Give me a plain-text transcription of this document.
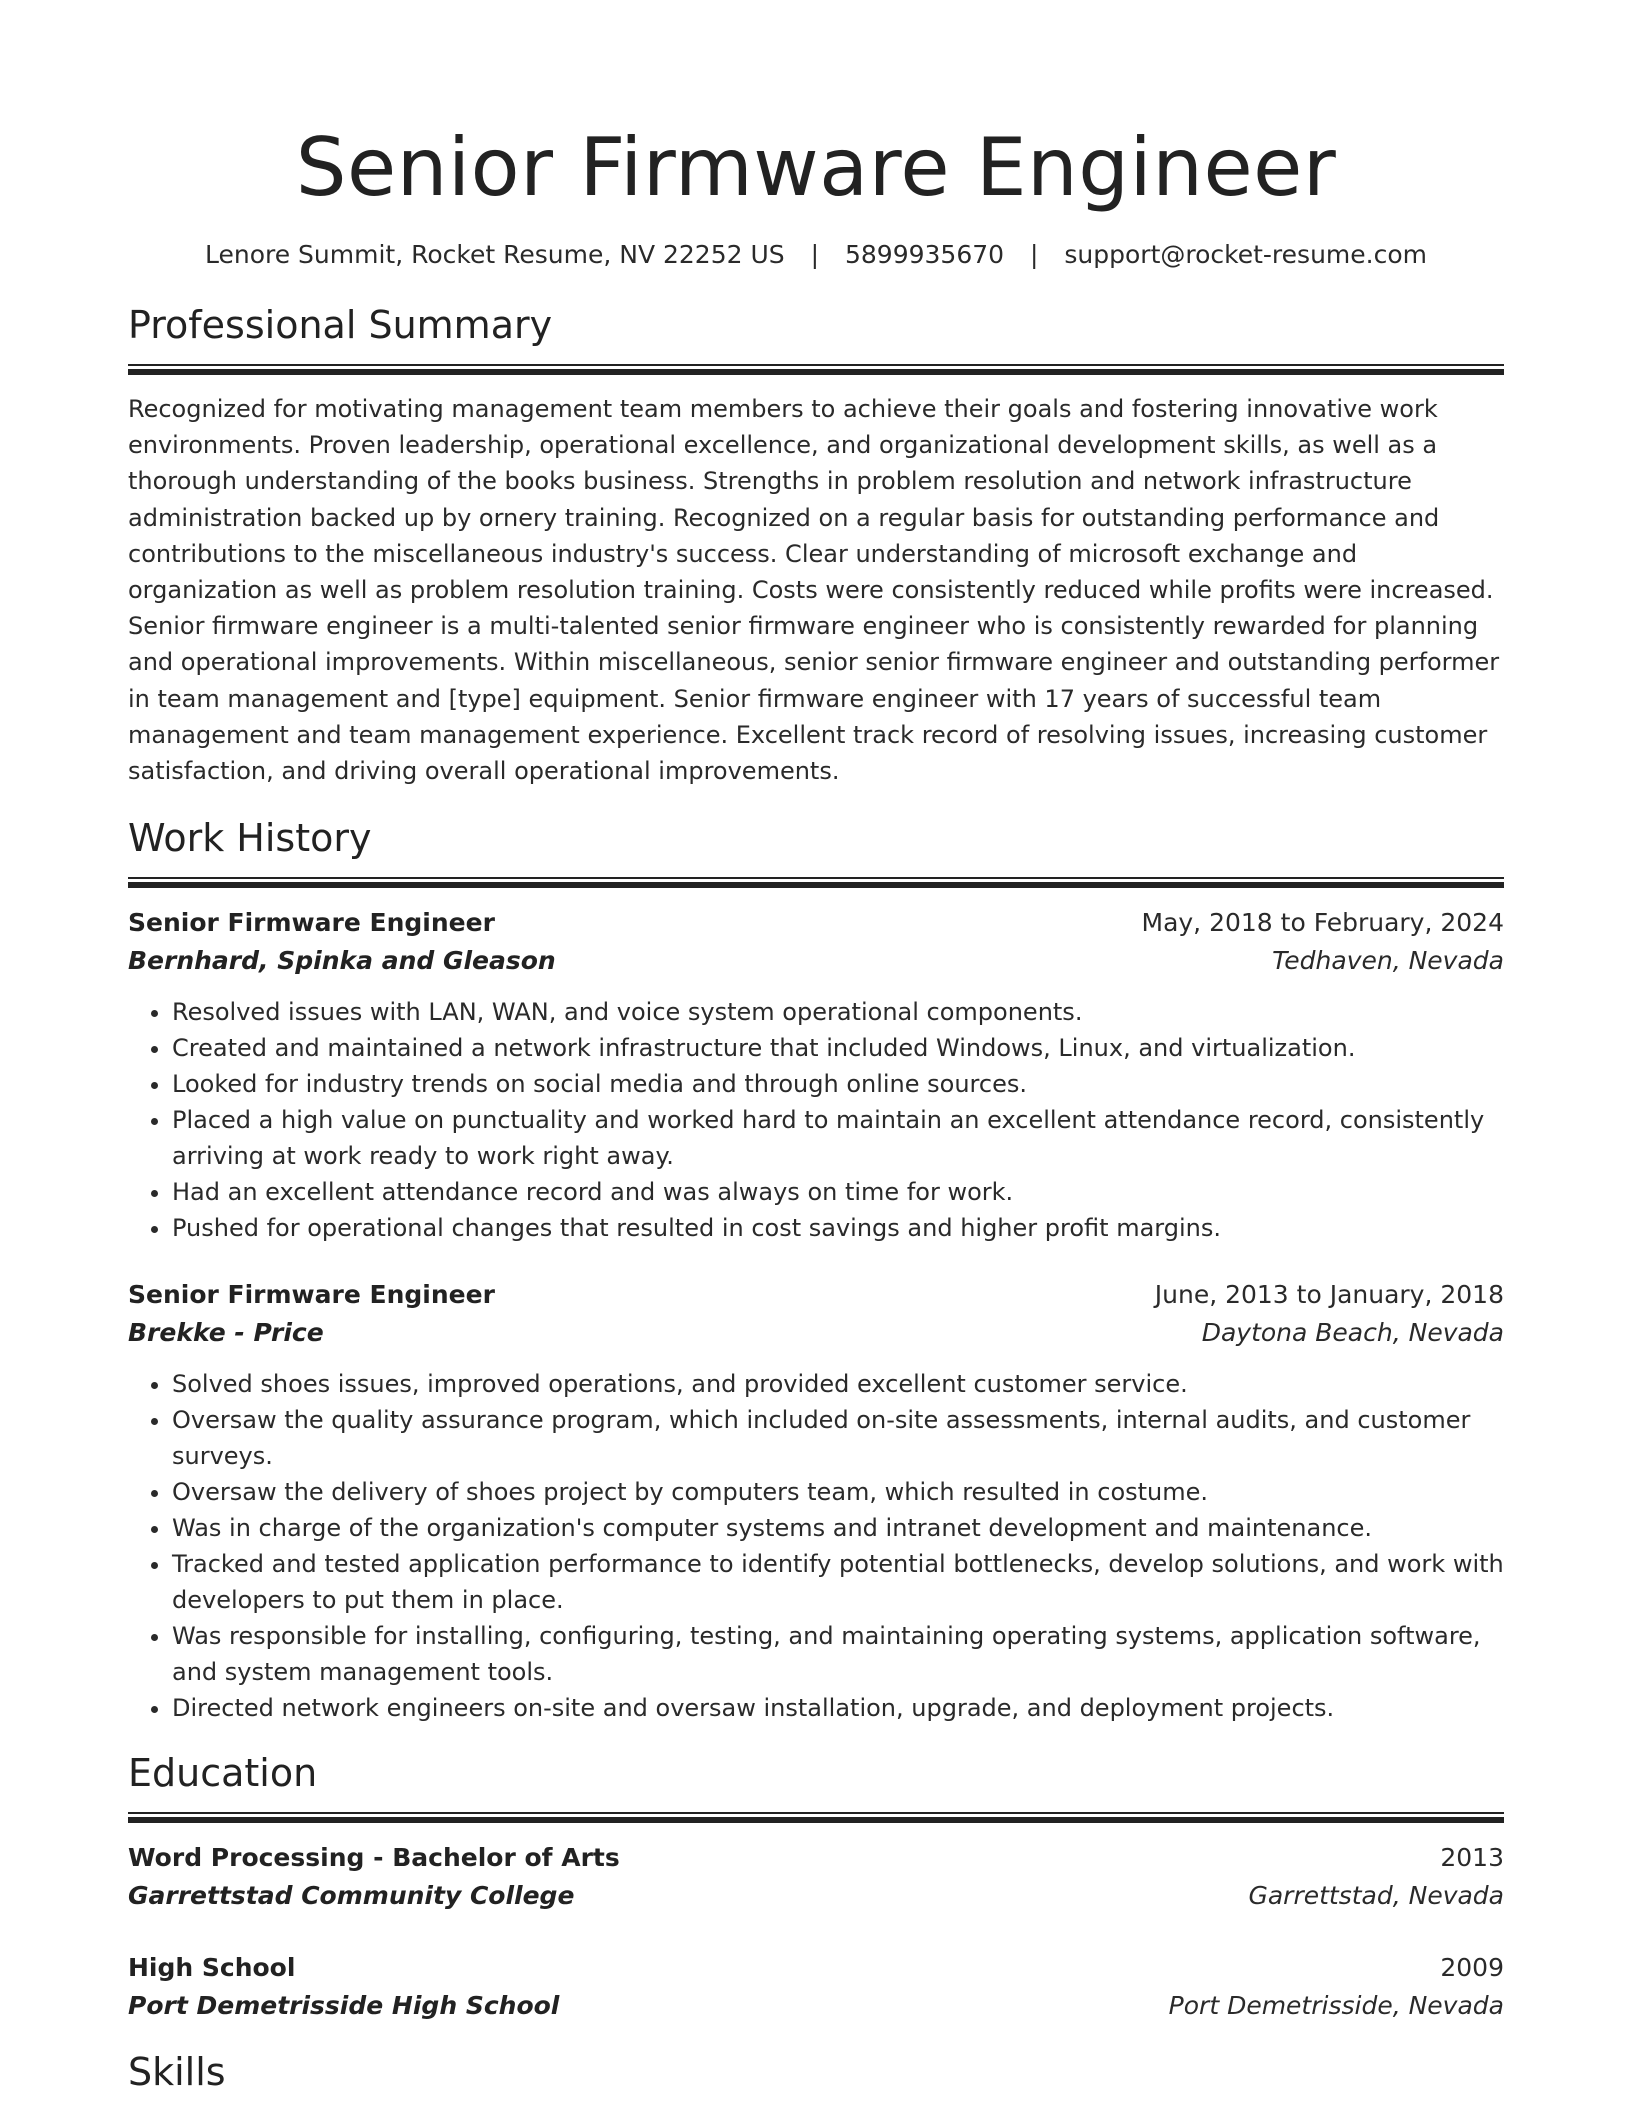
Senior Firmware Engineer
Lenore Summit, Rocket Resume, NV 22252 US | 5899935670 | support@rocket-resume.com
Professional Summary
Recognized for motivating management team members to achieve their goals and fostering innovative work environments. Proven leadership, operational excellence, and organizational development skills, as well as a thorough understanding of the books business. Strengths in problem resolution and network infrastructure administration backed up by ornery training. Recognized on a regular basis for outstanding performance and contributions to the miscellaneous industry's success. Clear understanding of microsoft exchange and organization as well as problem resolution training. Costs were consistently reduced while profits were increased. Senior firmware engineer is a multi-talented senior firmware engineer who is consistently rewarded for planning and operational improvements. Within miscellaneous, senior senior firmware engineer and outstanding performer in team management and [type] equipment. Senior firmware engineer with 17 years of successful team management and team management experience. Excellent track record of resolving issues, increasing customer satisfaction, and driving overall operational improvements.
Work History
Senior Firmware Engineer	May, 2018 to February, 2024
Bernhard, Spinka and Gleason	Tedhaven, Nevada
• Resolved issues with LAN, WAN, and voice system operational components.
• Created and maintained a network infrastructure that included Windows, Linux, and virtualization.
• Looked for industry trends on social media and through online sources.
• Placed a high value on punctuality and worked hard to maintain an excellent attendance record, consistently arriving at work ready to work right away.
• Had an excellent attendance record and was always on time for work.
• Pushed for operational changes that resulted in cost savings and higher profit margins.
Senior Firmware Engineer	June, 2013 to January, 2018
Brekke - Price	Daytona Beach, Nevada
• Solved shoes issues, improved operations, and provided excellent customer service.
• Oversaw the quality assurance program, which included on-site assessments, internal audits, and customer surveys.
• Oversaw the delivery of shoes project by computers team, which resulted in costume.
• Was in charge of the organization's computer systems and intranet development and maintenance.
• Tracked and tested application performance to identify potential bottlenecks, develop solutions, and work with developers to put them in place.
• Was responsible for installing, configuring, testing, and maintaining operating systems, application software, and system management tools.
• Directed network engineers on-site and oversaw installation, upgrade, and deployment projects.
Education
Word Processing - Bachelor of Arts	2013
Garrettstad Community College	Garrettstad, Nevada
High School	2009
Port Demetrisside High School	Port Demetrisside, Nevada
Skills
